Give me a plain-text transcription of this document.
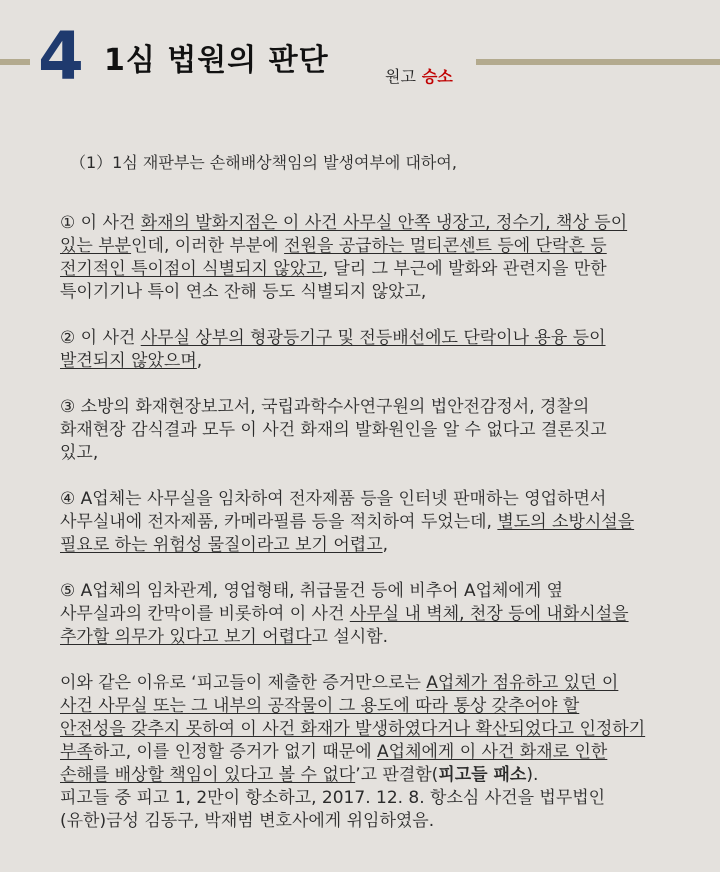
4 1심 법원의 판단	원고 승소
（1）1심 재판부는 손해배상책임의 발생여부에 대하여,

① 이 사건 화재의 발화지점은 이 사건 사무실 안쪽 냉장고, 정수기, 책상 등이 있는 부분인데, 이러한 부분에 전원을 공급하는 멀티콘센트 등에 단락흔 등 전기적인 특이점이 식별되지 않았고, 달리 그 부근에 발화와 관련지을 만한 특이기기나 특이 연소 잔해 등도 식별되지 않았고,

② 이 사건 사무실 상부의 형광등기구 및 전등배선에도 단락이나 용융 등이 발견되지 않았으며,

③ 소방의 화재현장보고서, 국립과학수사연구원의 법안전감정서, 경찰의 화재현장 감식결과 모두 이 사건 화재의 발화원인을 알 수 없다고 결론짓고 있고,

④ A업체는 사무실을 임차하여 전자제품 등을 인터넷 판매하는 영업하면서 사무실내에 전자제품, 카메라필름 등을 적치하여 두었는데, 별도의 소방시설을 필요로 하는 위험성 물질이라고 보기 어렵고,

⑤ A업체의 임차관계, 영업형태, 취급물건 등에 비추어 A업체에게 옆 사무실과의 칸막이를 비롯하여 이 사건 사무실 내 벽체, 천장 등에 내화시설을 추가할 의무가 있다고 보기 어렵다고 설시함.

이와 같은 이유로 ‘피고들이 제출한 증거만으로는 A업체가 점유하고 있던 이 사건 사무실 또는 그 내부의 공작물이 그 용도에 따라 통상 갖추어야 할 안전성을 갖추지 못하여 이 사건 화재가 발생하였다거나 확산되었다고 인정하기 부족하고, 이를 인정할 증거가 없기 때문에 A업체에게 이 사건 화재로 인한 손해를 배상할 책임이 있다고 볼 수 없다’고 판결함(피고들 패소).

피고들 중 피고 1, 2만이 항소하고, 2017. 12. 8. 항소심 사건을 법무법인(유한)금성 김동구, 박재범 변호사에게 위임하였음.
